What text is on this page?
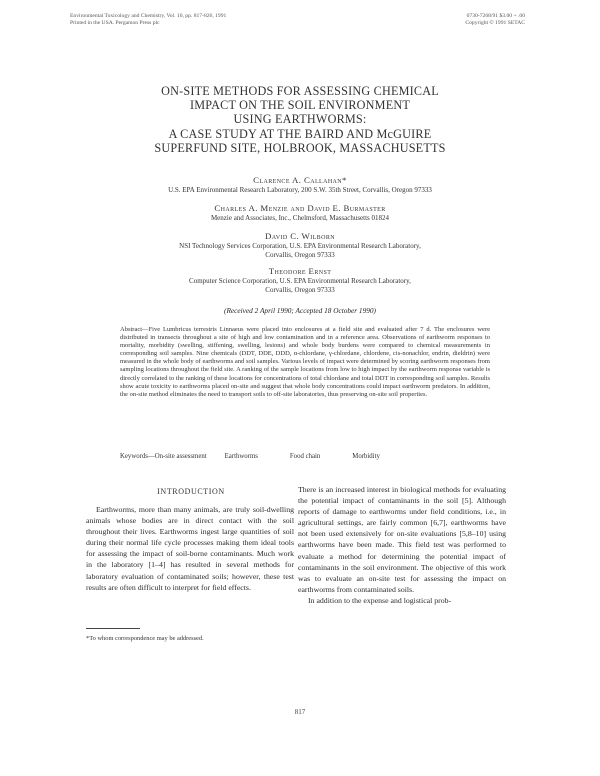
Environmental Toxicology and Chemistry, Vol. 10, pp. 817-826, 1991
Printed in the USA. Pergamon Press plc
0730-7268/91 $3.00 + .00
Copyright © 1991 SETAC
ON-SITE METHODS FOR ASSESSING CHEMICAL
IMPACT ON THE SOIL ENVIRONMENT
USING EARTHWORMS:
A CASE STUDY AT THE BAIRD AND McGUIRE
SUPERFUND SITE, HOLBROOK, MASSACHUSETTS
Clarence A. Callahan*
U.S. EPA Environmental Research Laboratory, 200 S.W. 35th Street, Corvallis, Oregon 97333
Charles A. Menzie and David E. Burmaster
Menzie and Associates, Inc., Chelmsford, Massachusetts 01824
David C. Wilborn
NSI Technology Services Corporation, U.S. EPA Environmental Research Laboratory,
Corvallis, Oregon 97333
Theodore Ernst
Computer Science Corporation, U.S. EPA Environmental Research Laboratory,
Corvallis, Oregon 97333
(Received 2 April 1990; Accepted 18 October 1990)
Abstract—Five Lumbricus terrestris Linnaeus were placed into enclosures at a field site and evaluated after 7 d. The enclosures were distributed in transects throughout a site of high and low contamination and in a reference area. Observations of earthworm responses to mortality, morbidity (swelling, stiffening, swelling, lesions) and whole body burdens were compared to chemical measurements in corresponding soil samples. Nine chemicals (DDT, DDE, DDD, α-chlordane, γ-chlordane, chlordene, cis-nonachlor, endrin, dieldrin) were measured in the whole body of earthworms and soil samples. Various levels of impact were determined by scoring earthworm responses from sampling locations throughout the field site. A ranking of the sample locations from low to high impact by the earthworm response variable is directly correlated to the ranking of these locations for concentrations of total chlordane and total DDT in corresponding soil samples. Results show acute toxicity to earthworms placed on-site and suggest that whole body concentrations could impact earthworm predators. In addition, the on-site method eliminates the need to transport soils to off-site laboratories, thus preserving on-site soil properties.
Keywords—On-site assessment	Earthworms	Food chain	Morbidity
INTRODUCTION

Earthworms, more than many animals, are truly soil-dwelling animals whose bodies are in direct contact with the soil throughout their lives. Earthworms ingest large quantities of soil during their normal life cycle processes making them ideal tools for assessing the impact of soil-borne contaminants. Much work in the laboratory [1–4] has resulted in several methods for laboratory evaluation of contaminated soils; however, these test results are often difficult to interpret for field effects.

There is an increased interest in biological methods for evaluating the potential impact of contaminants in the soil [5]. Although reports of damage to earthworms under field conditions, i.e., in agricultural settings, are fairly common [6,7], earthworms have not been used extensively for on-site evaluations [5,8–10] using earthworms have been made. This field test was performed to evaluate a method for determining the potential impact of contaminants in the soil environment. The objective of this work was to evaluate an on-site test for assessing the impact on earthworms from contaminated soils.

In addition to the expense and logistical prob-

*To whom correspondence may be addressed.
817
